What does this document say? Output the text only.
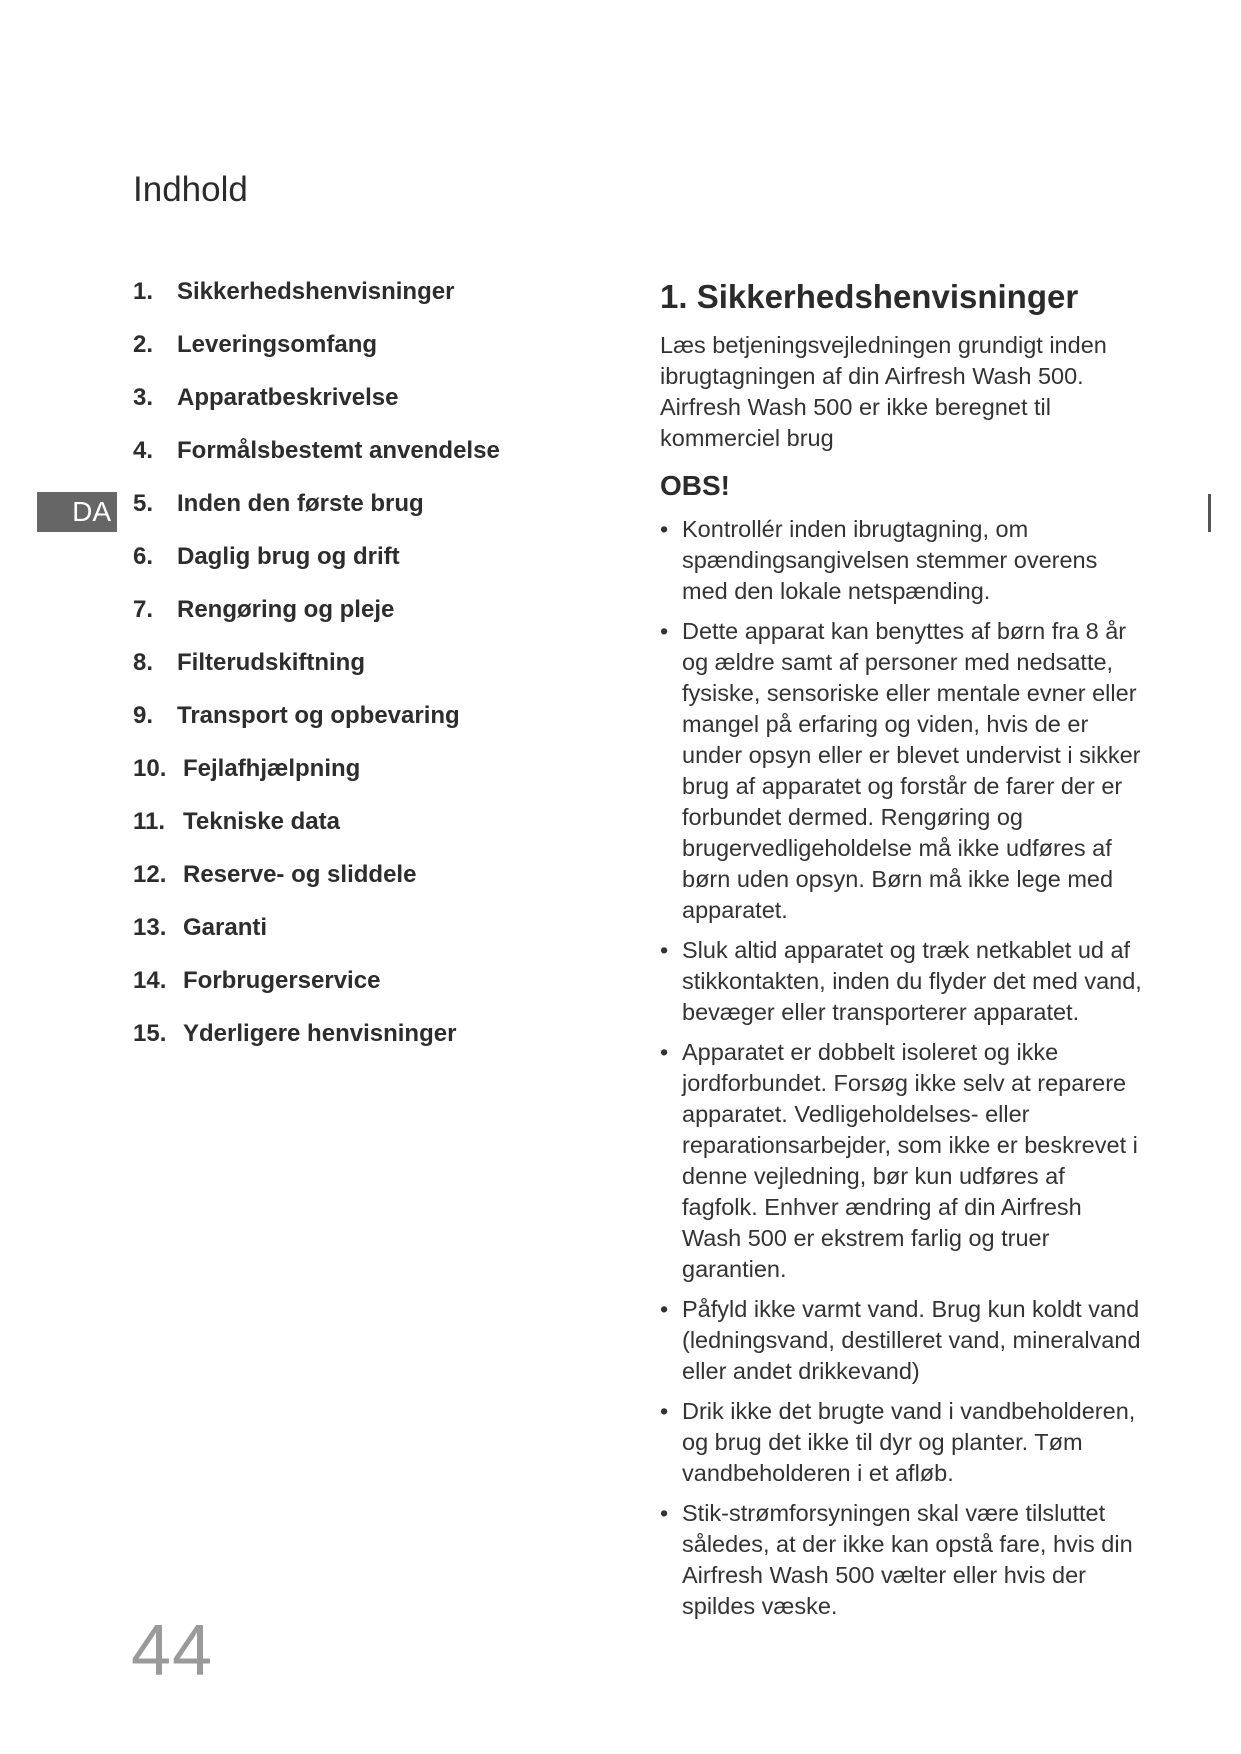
Indhold
DA
1. Sikkerhedshenvisninger
2. Leveringsomfang
3. Apparatbeskrivelse
4. Formålsbestemt anvendelse
5. Inden den første brug
6. Daglig brug og drift
7. Rengøring og pleje
8. Filterudskiftning
9. Transport og opbevaring
10. Fejlafhjælpning
11. Tekniske data
12. Reserve- og sliddele
13. Garanti
14. Forbrugerservice
15. Yderligere henvisninger
1. Sikkerhedshenvisninger

Læs betjeningsvejledningen grundigt inden ibrugtagningen af din Airfresh Wash 500. Airfresh Wash 500 er ikke beregnet til kommerciel brug

OBS!
• Kontrollér inden ibrugtagning, om spændingsangivelsen stemmer overens med den lokale netspænding.
• Dette apparat kan benyttes af børn fra 8 år og ældre samt af personer med nedsatte, fysiske, sensoriske eller mentale evner eller mangel på erfaring og viden, hvis de er under opsyn eller er blevet undervist i sikker brug af apparatet og forstår de farer der er forbundet dermed. Rengøring og brugervedligeholdelse må ikke udføres af børn uden opsyn. Børn må ikke lege med apparatet.
• Sluk altid apparatet og træk netkablet ud af stikkontakten, inden du flyder det med vand, bevæger eller transporterer apparatet.
• Apparatet er dobbelt isoleret og ikke jordforbundet. Forsøg ikke selv at reparere apparatet. Vedligeholdelses- eller reparationsarbejder, som ikke er beskrevet i denne vejledning, bør kun udføres af fagfolk. Enhver ændring af din Airfresh Wash 500 er ekstrem farlig og truer garantien.
• Påfyld ikke varmt vand. Brug kun koldt vand (ledningsvand, destilleret vand, mineralvand eller andet drikkevand)
• Drik ikke det brugte vand i vandbeholderen, og brug det ikke til dyr og planter. Tøm vandbeholderen i et afløb.
• Stik-strømforsyningen skal være tilsluttet således, at der ikke kan opstå fare, hvis din Airfresh Wash 500 vælter eller hvis der spildes væske.
44
